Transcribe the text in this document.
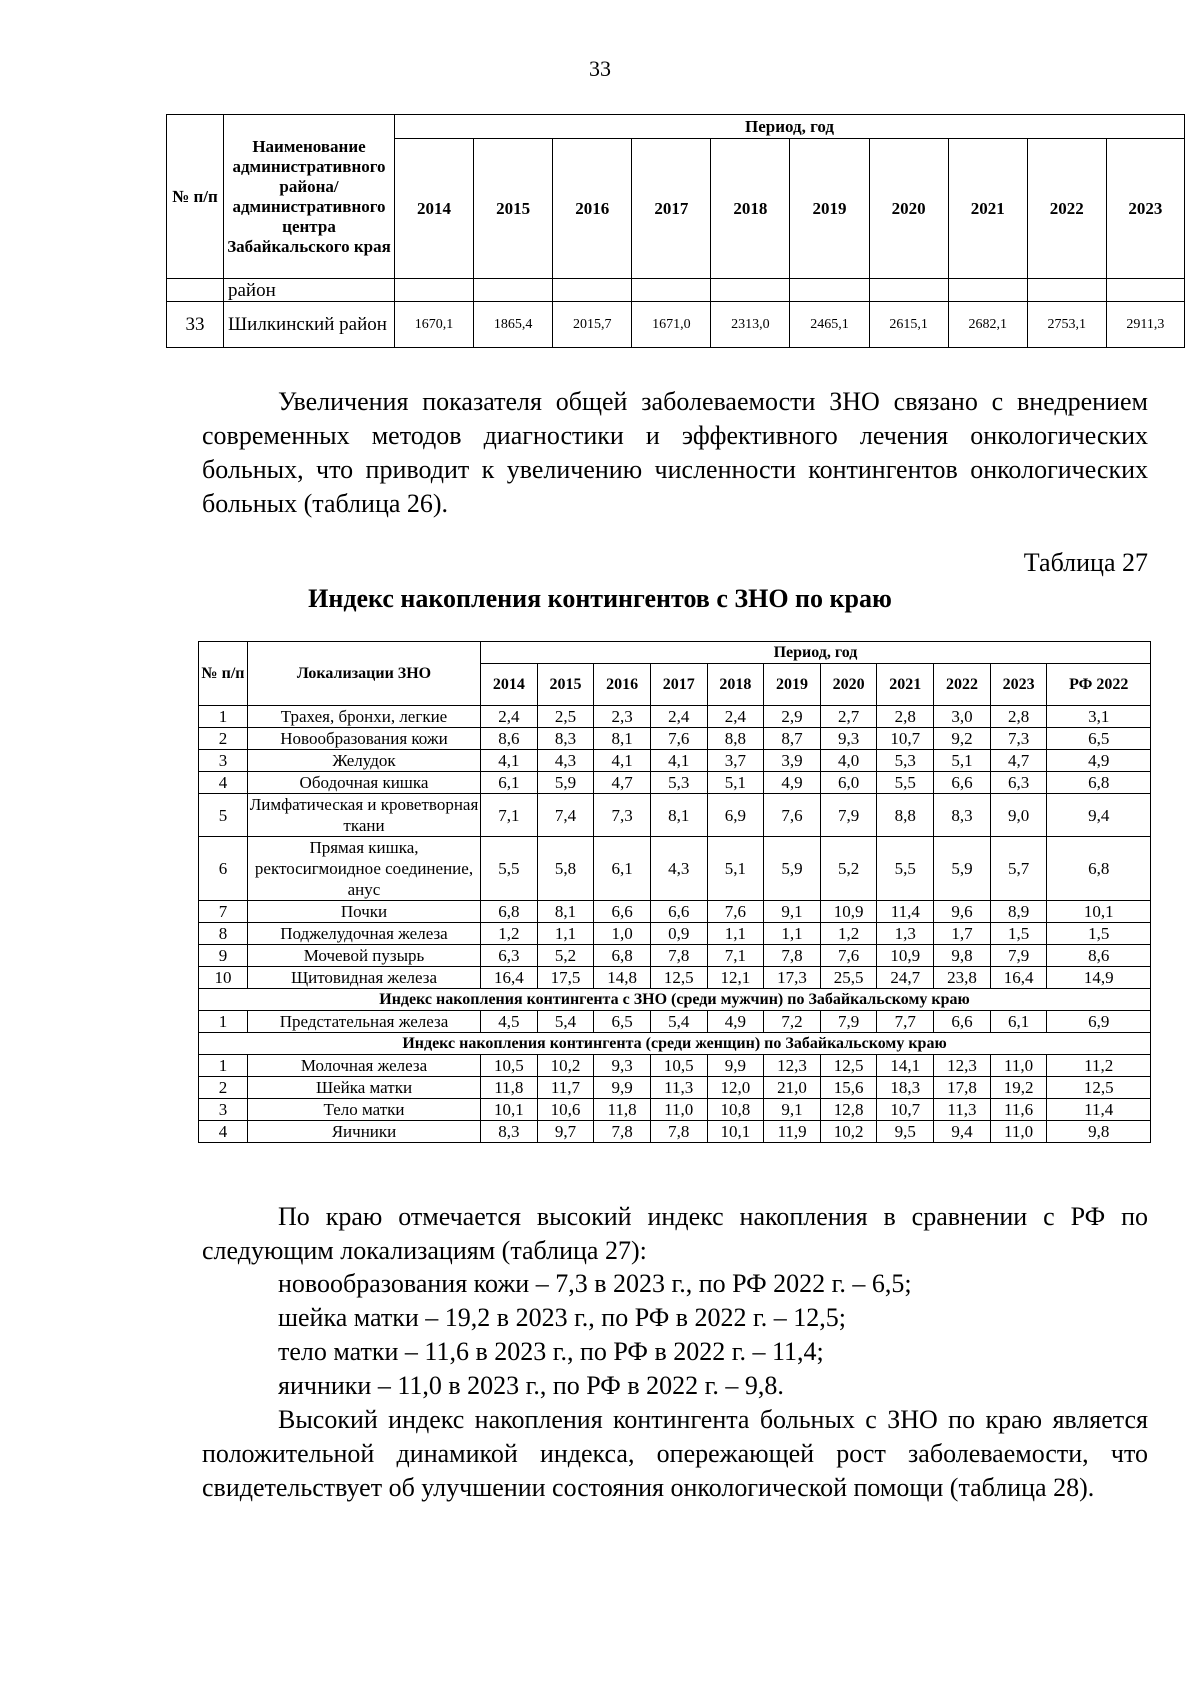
33
№ п/п	Наименование административного района/ административного центра Забайкальского края	Период, год									
		2014	2015	2016	2017	2018	2019	2020	2021	2022	2023
	район										
33	Шилкинский район	1670,1	1865,4	2015,7	1671,0	2313,0	2465,1	2615,1	2682,1	2753,1	2911,3

Увеличения показателя общей заболеваемости ЗНО связано с внедрением современных методов диагностики и эффективного лечения онкологических больных, что приводит к увеличению численности контингентов онкологических больных (таблица 26).

Таблица 27
Индекс накопления контингентов с ЗНО по краю
№ п/п	Локализации ЗНО	Период, год										
		2014	2015	2016	2017	2018	2019	2020	2021	2022	2023	РФ 2022
1	Трахея, бронхи, легкие	2,4	2,5	2,3	2,4	2,4	2,9	2,7	2,8	3,0	2,8	3,1
2	Новообразования кожи	8,6	8,3	8,1	7,6	8,8	8,7	9,3	10,7	9,2	7,3	6,5
3	Желудок	4,1	4,3	4,1	4,1	3,7	3,9	4,0	5,3	5,1	4,7	4,9
4	Ободочная кишка	6,1	5,9	4,7	5,3	5,1	4,9	6,0	5,5	6,6	6,3	6,8
5	Лимфатическая и кроветворная ткани	7,1	7,4	7,3	8,1	6,9	7,6	7,9	8,8	8,3	9,0	9,4
6	Прямая кишка, ректосигмоидное соединение, анус	5,5	5,8	6,1	4,3	5,1	5,9	5,2	5,5	5,9	5,7	6,8
7	Почки	6,8	8,1	6,6	6,6	7,6	9,1	10,9	11,4	9,6	8,9	10,1
8	Поджелудочная железа	1,2	1,1	1,0	0,9	1,1	1,1	1,2	1,3	1,7	1,5	1,5
9	Мочевой пузырь	6,3	5,2	6,8	7,8	7,1	7,8	7,6	10,9	9,8	7,9	8,6
10	Щитовидная железа	16,4	17,5	14,8	12,5	12,1	17,3	25,5	24,7	23,8	16,4	14,9
Индекс накопления контингента с ЗНО (среди мужчин) по Забайкальскому краю												
1	Предстательная железа	4,5	5,4	6,5	5,4	4,9	7,2	7,9	7,7	6,6	6,1	6,9
Индекс накопления контингента (среди женщин) по Забайкальскому краю												
1	Молочная железа	10,5	10,2	9,3	10,5	9,9	12,3	12,5	14,1	12,3	11,0	11,2
2	Шейка матки	11,8	11,7	9,9	11,3	12,0	21,0	15,6	18,3	17,8	19,2	12,5
3	Тело матки	10,1	10,6	11,8	11,0	10,8	9,1	12,8	10,7	11,3	11,6	11,4
4	Яичники	8,3	9,7	7,8	7,8	10,1	11,9	10,2	9,5	9,4	11,0	9,8

По краю отмечается высокий индекс накопления в сравнении с РФ по следующим локализациям (таблица 27):

новообразования кожи – 7,3 в 2023 г., по РФ 2022 г. – 6,5;

шейка матки – 19,2 в 2023 г., по РФ в 2022 г. – 12,5;

тело матки – 11,6 в 2023 г., по РФ в 2022 г. – 11,4;

яичники – 11,0 в 2023 г., по РФ в 2022 г. – 9,8.

Высокий индекс накопления контингента больных с ЗНО по краю является положительной динамикой индекса, опережающей рост заболеваемости, что свидетельствует об улучшении состояния онкологической помощи (таблица 28).
